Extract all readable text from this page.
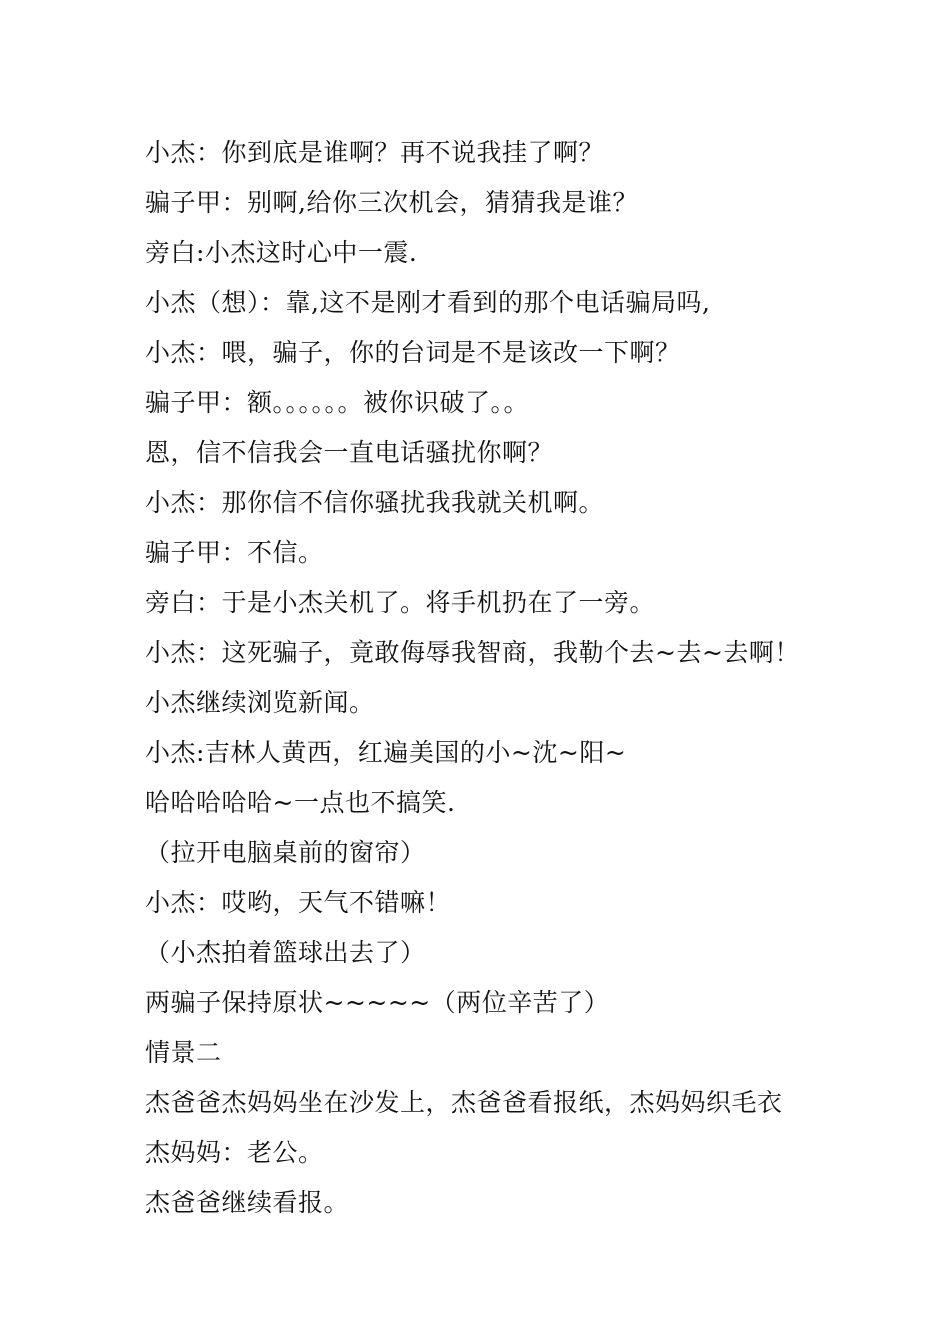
小杰：你到底是谁啊？再不说我挂了啊？
骗子甲：别啊,给你三次机会，猜猜我是谁？
旁白:小杰这时心中一震.
小杰（想）：靠,这不是刚才看到的那个电话骗局吗,
小杰：喂，骗子，你的台词是不是该改一下啊？
骗子甲：额。。。。。。被你识破了。。
恩，信不信我会一直电话骚扰你啊？
小杰：那你信不信你骚扰我我就关机啊。
骗子甲：不信。
旁白：于是小杰关机了。将手机扔在了一旁。
小杰：这死骗子，竟敢侮辱我智商，我勒个去~去~去啊！
小杰继续浏览新闻。
小杰:吉林人黄西，红遍美国的小~沈~阳~
哈哈哈哈哈~一点也不搞笑.
（拉开电脑桌前的窗帘）
小杰：哎哟，天气不错嘛！
（小杰拍着篮球出去了）
两骗子保持原状~~~~~（两位辛苦了）
情景二
杰爸爸杰妈妈坐在沙发上，杰爸爸看报纸，杰妈妈织毛衣
杰妈妈：老公。
杰爸爸继续看报。
